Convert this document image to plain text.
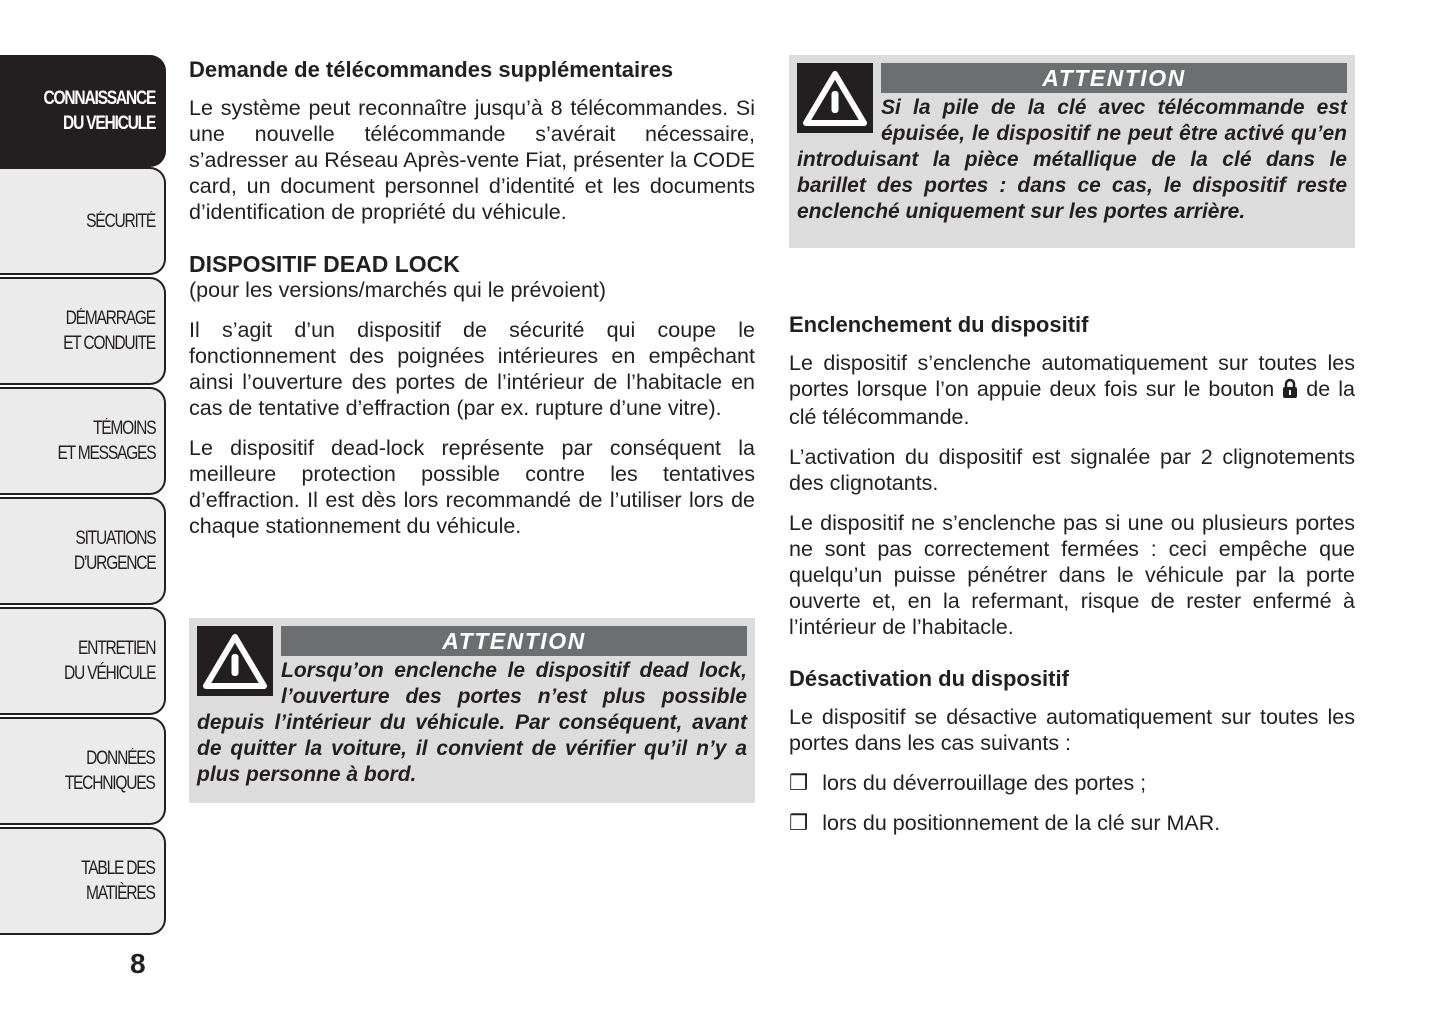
CONNAISSANCE
DU VEHICULE
SÉCURITÉ
DÉMARRAGE
ET CONDUITE
TÉMOINS
ET MESSAGES
SITUATIONS
D’URGENCE
ENTRETIEN
DU VÉHICULE
DONNÉES
TECHNIQUES
TABLE DES
MATIÈRES
Demande de télécommandes supplémentaires

Le système peut reconnaître jusqu’à 8 télécommandes. Si une nouvelle télécommande s’avérait nécessaire, s’adresser au Réseau Après-vente Fiat, présenter la CODE card, un document personnel d’identité et les documents d’identification de propriété du véhicule.

DISPOSITIF DEAD LOCK

(pour les versions/marchés qui le prévoient)

Il s’agit d’un dispositif de sécurité qui coupe le fonctionnement des poignées intérieures en empêchant ainsi l’ouverture des portes de l’intérieur de l’habitacle en cas de tentative d’effraction (par ex. rupture d’une vitre).

Le dispositif dead-lock représente par conséquent la meilleure protection possible contre les tentatives d’effraction. Il est dès lors recommandé de l’utiliser lors de chaque stationnement du véhicule.

ATTENTION
Lorsqu’on enclenche le dispositif dead lock, l’ouverture des portes n’est plus possible depuis l’intérieur du véhicule. Par conséquent, avant de quitter la voiture, il convient de vérifier qu’il n’y a plus personne à bord.
ATTENTION
Si la pile de la clé avec télécommande est épuisée, le dispositif ne peut être activé qu’en introduisant la pièce métallique de la clé dans le barillet des portes : dans ce cas, le dispositif reste enclenché uniquement sur les portes arrière.
Enclenchement du dispositif

Le dispositif s’enclenche automatiquement sur toutes les portes lorsque l’on appuie deux fois sur le bouton de la clé télécommande.

L’activation du dispositif est signalée par 2 clignotements des clignotants.

Le dispositif ne s’enclenche pas si une ou plusieurs portes ne sont pas correctement fermées : ceci empêche que quelqu’un puisse pénétrer dans le véhicule par la porte ouverte et, en la refermant, risque de rester enfermé à l’intérieur de l’habitacle.

Désactivation du dispositif

Le dispositif se désactive automatiquement sur toutes les portes dans les cas suivants :

❒ lors du déverrouillage des portes ;
❒ lors du positionnement de la clé sur MAR.
8
